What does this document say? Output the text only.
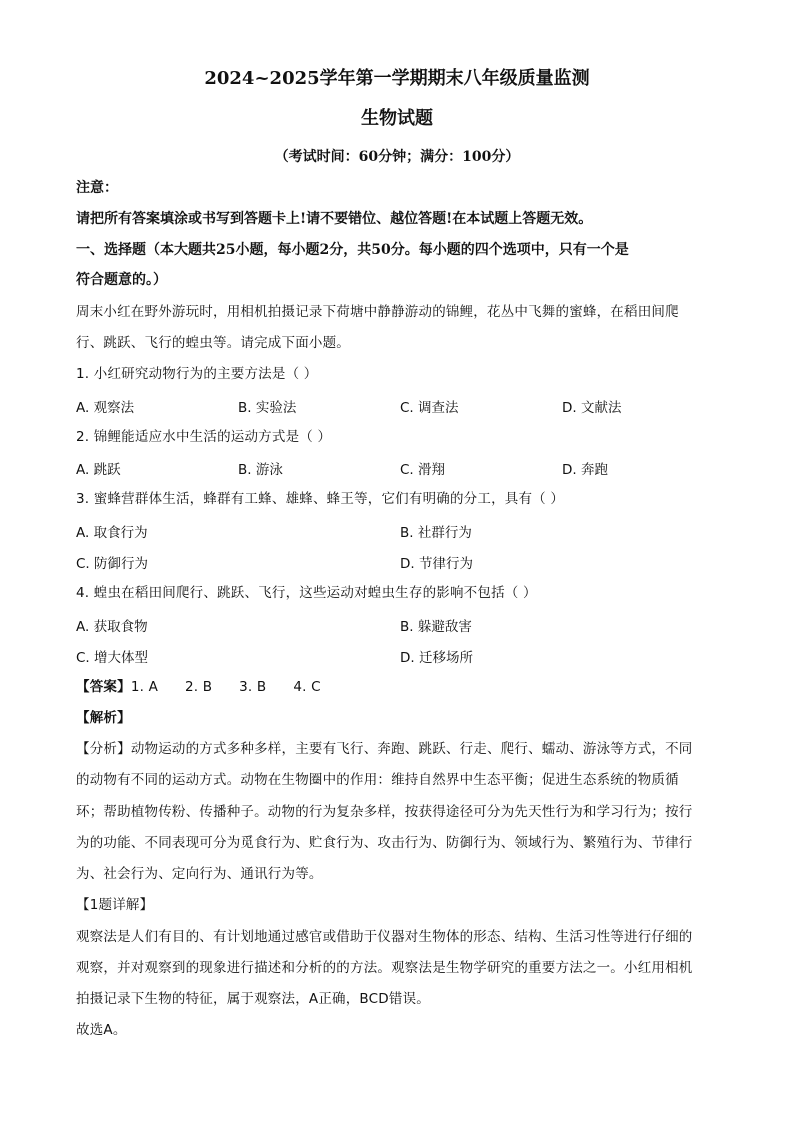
2024~2025学年第一学期期末八年级质量监测
生物试题
（考试时间：60分钟；满分：100分）
注意：
请把所有答案填涂或书写到答题卡上!请不要错位、越位答题!在本试题上答题无效。
一、选择题（本大题共25小题，每小题2分，共50分。每小题的四个选项中，只有一个是
符合题意的。）
周末小红在野外游玩时，用相机拍摄记录下荷塘中静静游动的锦鲤，花丛中飞舞的蜜蜂，在稻田间爬
行、跳跃、飞行的蝗虫等。请完成下面小题。
1. 小红研究动物行为的主要方法是（ ）
A. 观察法	B. 实验法	C. 调查法	D. 文献法
2. 锦鲤能适应水中生活的运动方式是（ ）
A. 跳跃	B. 游泳	C. 滑翔	D. 奔跑
3. 蜜蜂营群体生活，蜂群有工蜂、雄蜂、蜂王等，它们有明确的分工，具有（ ）
A. 取食行为	B. 社群行为
C. 防御行为	D. 节律行为
4. 蝗虫在稻田间爬行、跳跃、飞行，这些运动对蝗虫生存的影响不包括（ ）
A. 获取食物	B. 躲避敌害
C. 增大体型	D. 迁移场所
【答案】1. A      2. B      3. B      4. C
【解析】
【分析】动物运动的方式多种多样，主要有飞行、奔跑、跳跃、行走、爬行、蠕动、游泳等方式，不同
的动物有不同的运动方式。动物在生物圈中的作用：维持自然界中生态平衡；促进生态系统的物质循
环；帮助植物传粉、传播种子。动物的行为复杂多样，按获得途径可分为先天性行为和学习行为；按行
为的功能、不同表现可分为觅食行为、贮食行为、攻击行为、防御行为、领域行为、繁殖行为、节律行
为、社会行为、定向行为、通讯行为等。
【1题详解】
观察法是人们有目的、有计划地通过感官或借助于仪器对生物体的形态、结构、生活习性等进行仔细的
观察，并对观察到的现象进行描述和分析的的方法。观察法是生物学研究的重要方法之一。小红用相机
拍摄记录下生物的特征，属于观察法，A正确，BCD错误。
故选A。
